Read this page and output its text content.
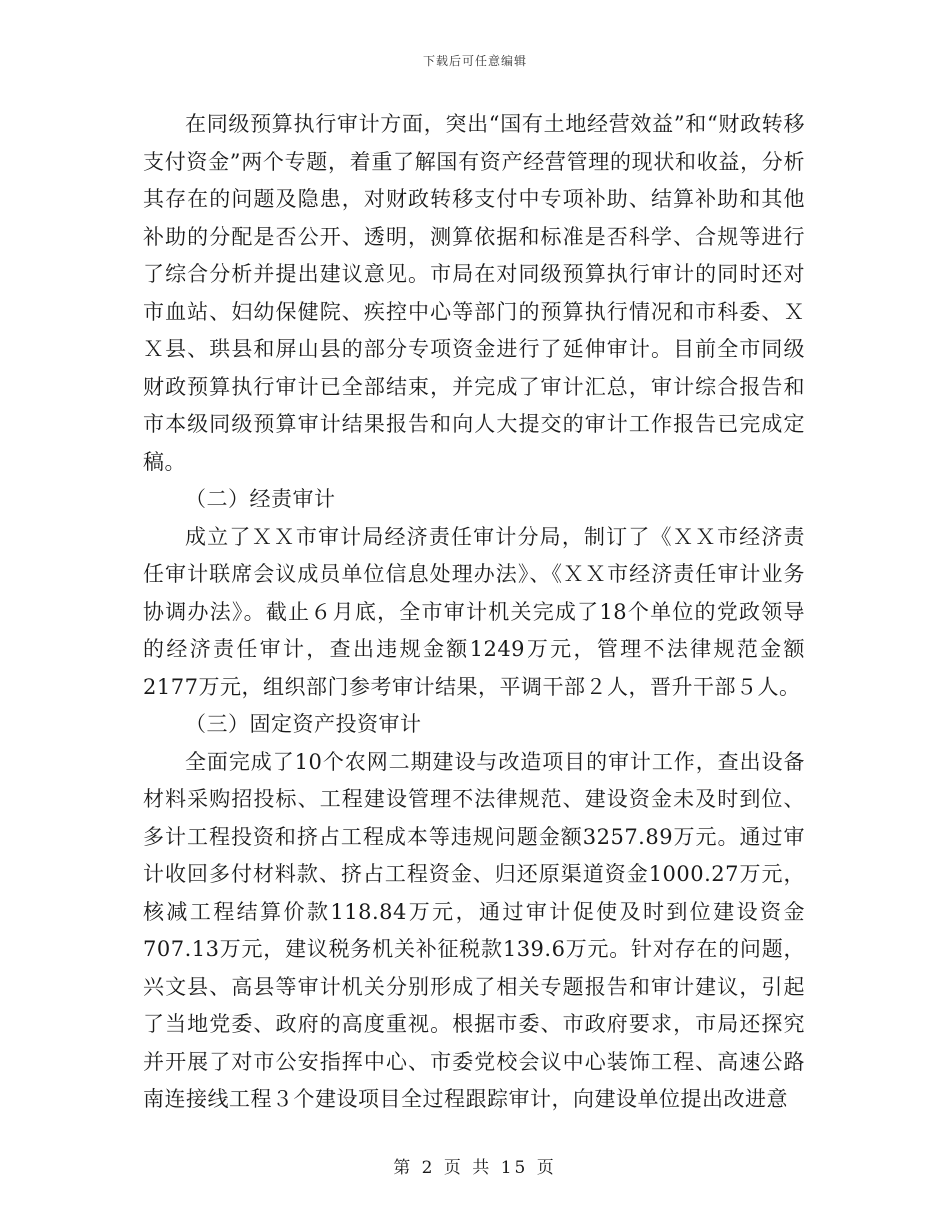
下载后可任意编辑

在同级预算执行审计方面，突出“国有土地经营效益”和“财政转移支付资金”两个专题，着重了解国有资产经营管理的现状和收益，分析其存在的问题及隐患，对财政转移支付中专项补助、结算补助和其他补助的分配是否公开、透明，测算依据和标准是否科学、合规等进行了综合分析并提出建议意见。市局在对同级预算执行审计的同时还对市血站、妇幼保健院、疾控中心等部门的预算执行情况和市科委、ＸＸ县、珙县和屏山县的部分专项资金进行了延伸审计。目前全市同级财政预算执行审计已全部结束，并完成了审计汇总，审计综合报告和市本级同级预算审计结果报告和向人大提交的审计工作报告已完成定稿。

（二）经责审计

成立了ＸＸ市审计局经济责任审计分局，制订了《ＸＸ市经济责任审计联席会议成员单位信息处理办法》、《ＸＸ市经济责任审计业务协调办法》。截止６月底，全市审计机关完成了18个单位的党政领导的经济责任审计，查出违规金额1249万元，管理不法律规范金额2177万元，组织部门参考审计结果，平调干部２人，晋升干部５人。

（三）固定资产投资审计

全面完成了10个农网二期建设与改造项目的审计工作，查出设备材料采购招投标、工程建设管理不法律规范、建设资金未及时到位、多计工程投资和挤占工程成本等违规问题金额3257.89万元。通过审计收回多付材料款、挤占工程资金、归还原渠道资金1000.27万元，核减工程结算价款118.84万元，通过审计促使及时到位建设资金707.13万元，建议税务机关补征税款139.6万元。针对存在的问题，兴文县、高县等审计机关分别形成了相关专题报告和审计建议，引起了当地党委、政府的高度重视。根据市委、市政府要求，市局还探究并开展了对市公安指挥中心、市委党校会议中心装饰工程、高速公路南连接线工程３个建设项目全过程跟踪审计，向建设单位提出改进意

第 2 页 共 15 页
